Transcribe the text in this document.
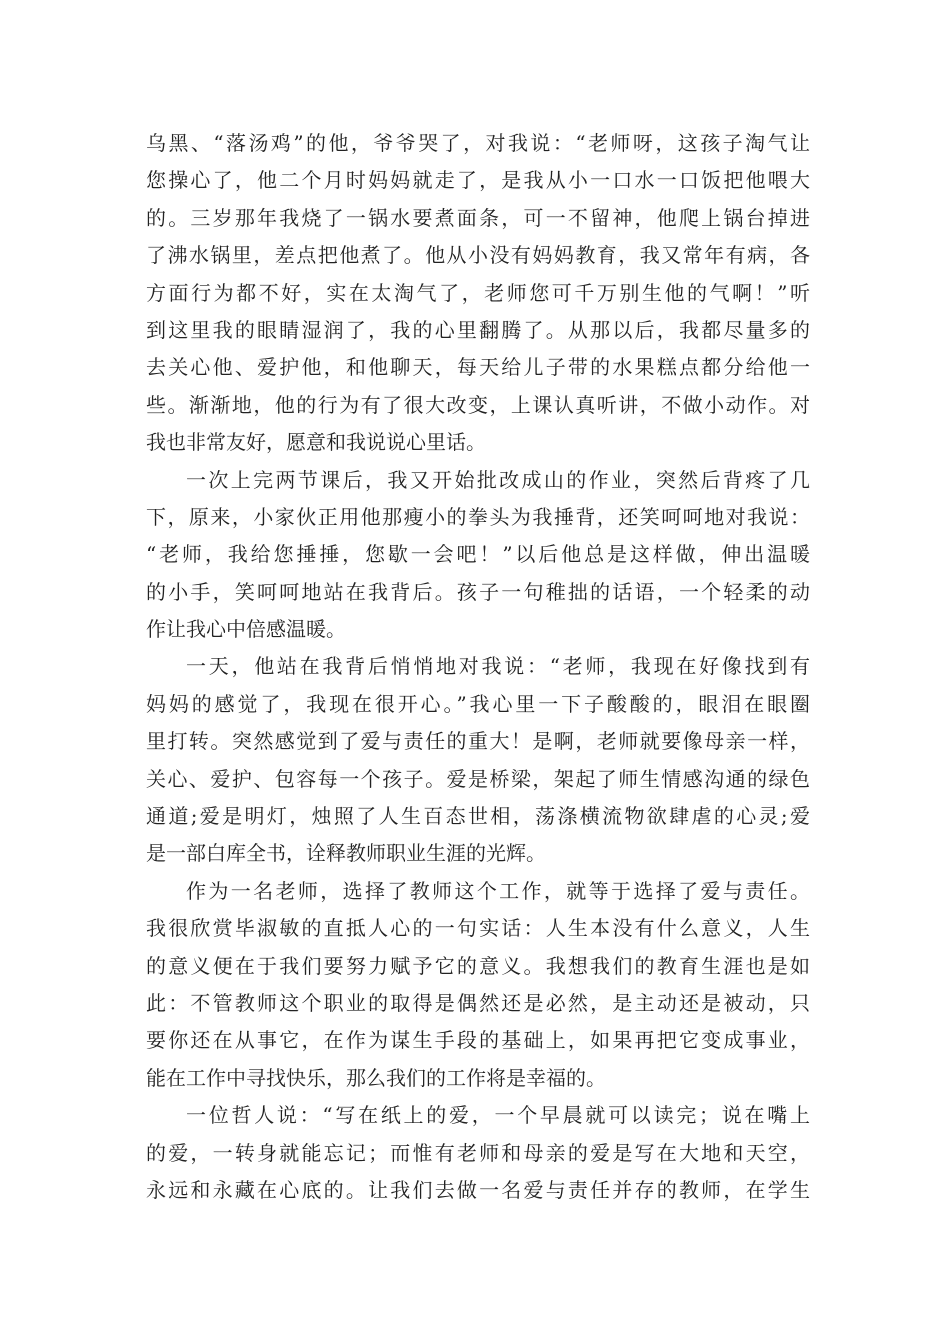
乌黑、“落汤鸡”的他，爷爷哭了，对我说：“老师呀，这孩子淘气让
您操心了，他二个月时妈妈就走了，是我从小一口水一口饭把他喂大
的。三岁那年我烧了一锅水要煮面条，可一不留神，他爬上锅台掉进
了沸水锅里，差点把他煮了。他从小没有妈妈教育，我又常年有病，各
方面行为都不好，实在太淘气了，老师您可千万别生他的气啊！”听
到这里我的眼睛湿润了，我的心里翻腾了。从那以后，我都尽量多的
去关心他、爱护他，和他聊天，每天给儿子带的水果糕点都分给他一
些。渐渐地，他的行为有了很大改变，上课认真听讲，不做小动作。对
我也非常友好，愿意和我说说心里话。
一次上完两节课后，我又开始批改成山的作业，突然后背疼了几
下，原来，小家伙正用他那瘦小的拳头为我捶背，还笑呵呵地对我说：
“老师，我给您捶捶，您歇一会吧！”以后他总是这样做，伸出温暖
的小手，笑呵呵地站在我背后。孩子一句稚拙的话语，一个轻柔的动
作让我心中倍感温暖。
一天，他站在我背后悄悄地对我说：“老师，我现在好像找到有
妈妈的感觉了，我现在很开心。”我心里一下子酸酸的，眼泪在眼圈
里打转。突然感觉到了爱与责任的重大！是啊，老师就要像母亲一样，
关心、爱护、包容每一个孩子。爱是桥梁，架起了师生情感沟通的绿色
通道;爱是明灯，烛照了人生百态世相，荡涤横流物欲肆虐的心灵;爱
是一部白库全书，诠释教师职业生涯的光辉。
作为一名老师，选择了教师这个工作，就等于选择了爱与责任。
我很欣赏毕淑敏的直抵人心的一句实话：人生本没有什么意义，人生
的意义便在于我们要努力赋予它的意义。我想我们的教育生涯也是如
此：不管教师这个职业的取得是偶然还是必然，是主动还是被动，只
要你还在从事它，在作为谋生手段的基础上，如果再把它变成事业，
能在工作中寻找快乐，那么我们的工作将是幸福的。
一位哲人说：“写在纸上的爱，一个早晨就可以读完；说在嘴上
的爱，一转身就能忘记；而惟有老师和母亲的爱是写在大地和天空，
永远和永藏在心底的。让我们去做一名爱与责任并存的教师，在学生
